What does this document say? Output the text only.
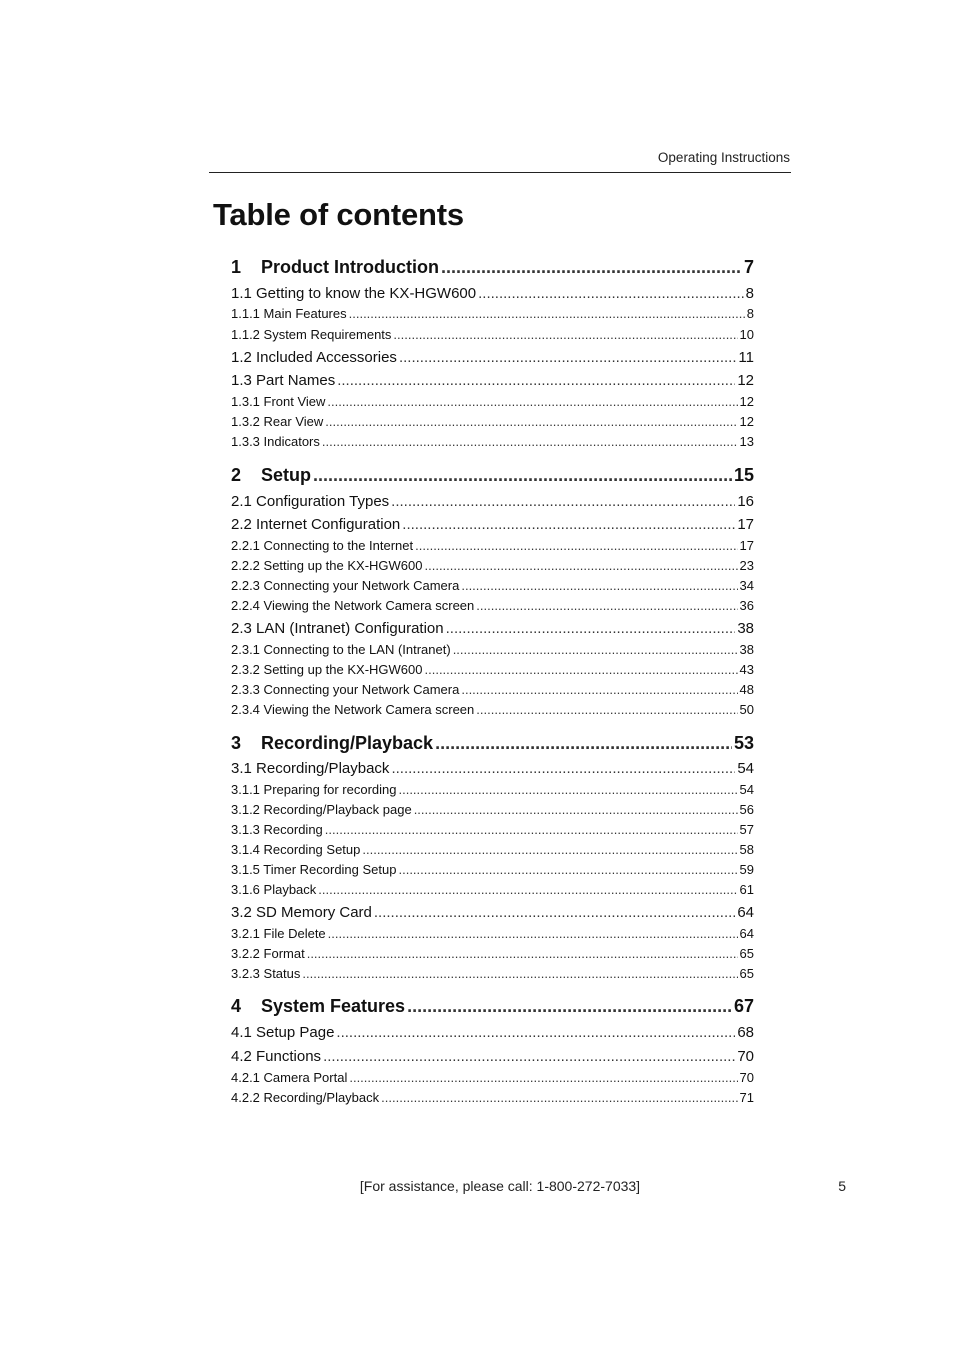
Operating Instructions
Table of contents
1 Product Introduction .....	7
1.1 Getting to know the KX-HGW600 .....	8
1.1.1 Main Features .....	8
1.1.2 System Requirements .....	10
1.2 Included Accessories .....	11
1.3 Part Names .....	12
1.3.1 Front View .....	12
1.3.2 Rear View .....	12
1.3.3 Indicators .....	13
2 Setup .....	15
2.1 Configuration Types .....	16
2.2 Internet Configuration .....	17
2.2.1 Connecting to the Internet .....	17
2.2.2 Setting up the KX-HGW600 .....	23
2.2.3 Connecting your Network Camera .....	34
2.2.4 Viewing the Network Camera screen .....	36
2.3 LAN (Intranet) Configuration .....	38
2.3.1 Connecting to the LAN (Intranet) .....	38
2.3.2 Setting up the KX-HGW600 .....	43
2.3.3 Connecting your Network Camera .....	48
2.3.4 Viewing the Network Camera screen .....	50
3 Recording/Playback .....	53
3.1 Recording/Playback .....	54
3.1.1 Preparing for recording .....	54
3.1.2 Recording/Playback page .....	56
3.1.3 Recording .....	57
3.1.4 Recording Setup .....	58
3.1.5 Timer Recording Setup .....	59
3.1.6 Playback .....	61
3.2 SD Memory Card .....	64
3.2.1 File Delete .....	64
3.2.2 Format .....	65
3.2.3 Status .....	65
4 System Features .....	67
4.1 Setup Page .....	68
4.2 Functions .....	70
4.2.1 Camera Portal .....	70
4.2.2 Recording/Playback .....	71
[For assistance, please call: 1-800-272-7033]	5
